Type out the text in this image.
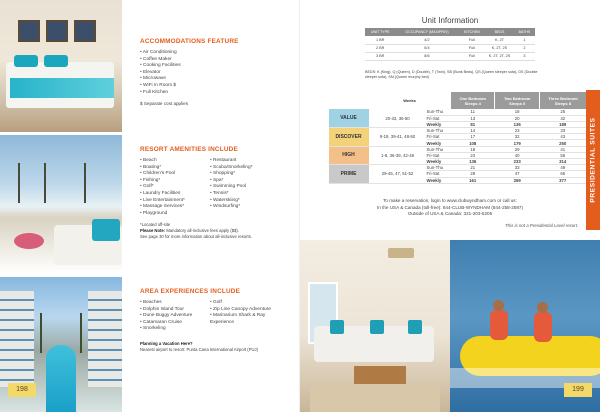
198
ACCOMMODATIONS FEATURE
• Air Conditioning
• Coffee Maker
• Cooking Facilities
• Elevator
• Microwave
• WiFi In Room $
• Full Kitchen
$ Separate cost applies
RESORT AMENITIES INCLUDE
• Beach
• Boating*
• Children's Pool
• Fishing*
• Golf*
• Laundry Facilities
• Live Entertainment*
• Massage Services*
• Playground
• Restaurant
• Scuba/Snorkeling*
• Shopping*
• Spa*
• Swimming Pool
• Tennis*
• Waterskiing*
• Windsurfing*
*Located off-site
Please Note: Mandatory all-inclusive fees apply ($$).
See page 30 for more information about all-inclusive resorts.
AREA EXPERIENCES INCLUDE
• Beaches
• Dolphin Island Tour
• Dune Buggy Adventure
• Catamaran Cruise
• Snorkeling
• Golf
• Zip Line Canopy Adventure
• Marinarium Shark & Ray Experience
Planning a Vacation Here?
Nearest airport to resort: Punta Cana International Airport (PUJ)
Unit Information
UNIT TYPE	OCCUPANCY (MAX/PRIV)	KITCHEN	BEDS	BATHS
1 BR	4/2	Full	K, 2T	1
2 BR	6/4	Full	K, 2T, 2S	2
3 BR	8/6	Full	K, 2T, 2T, 2S	3
BEDS: K (King), Q (Queen), D (Double), T (Twin), SB (Bunk Beds), QS (Queen sleeper sofa), DS (Double sleeper sofa), SM (Queen murphy bed)
	Weeks		One Bedroom Sleeps 4	Two Bedroom Sleeps 6	Three Bedroom Sleeps 8
VALUE	20-33, 36-50	Sun-Thu	11	18	25
		Fri-Sat	13	20	32
		Weekly	81	136	189
DISCOVER	9-19, 39-41, 48-50	Sun-Thu	14	23	33
		Fri-Sat	17	32	43
		Weekly	108	179	250
HIGH	1-8, 36-39, 42-48	Sun-Thu	18	29	41
		Fri-Sat	23	40	55
		Weekly	136	233	314
PRIME	29-45, 47, 51-52	Sun-Thu	21	33	49
		Fri-Sat	28	47	66
		Weekly	161	269	377
To make a reservation, login to www.clubwyndham.com or call us:
In the USA & Canada (toll-free): 844-CLUB-WYNDHAM (844-258-2597)
Outside of USA & Canada: 321-203-5205
This is not a Presidential Level resort.
PRESIDENTIAL SUITES
199
